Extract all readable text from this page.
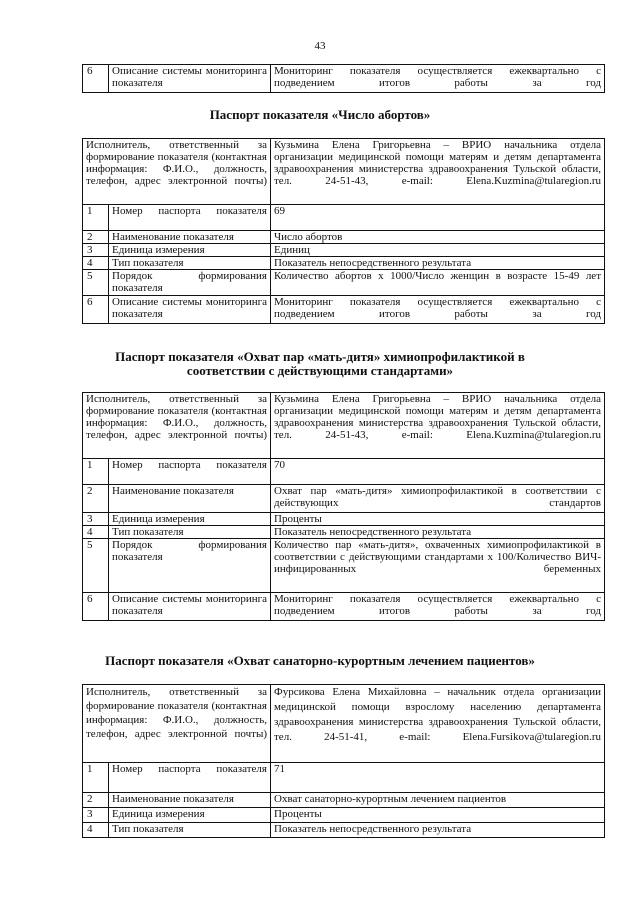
43
6	Описание системы мониторинга показателя	Мониторинг показателя осуществляется ежеквартально с подведением итогов работы за год
Паспорт показателя «Число абортов»
Исполнитель, ответственный за формирование показателя (контактная информация: Ф.И.О., должность, телефон, адрес электронной почты)		Кузьмина Елена Григорьевна – ВРИО начальника отдела организации медицинской помощи матерям и детям департамента здравоохранения министерства здравоохранения Тульской области, тел. 24-51-43, e-mail: Elena.Kuzmina@tularegion.ru
1	Номер паспорта показателя	69
2	Наименование показателя	Число абортов
3	Единица измерения	Единиц
4	Тип показателя	Показатель непосредственного результата
5	Порядок формирования показателя	Количество абортов x 1000/Число женщин в возрасте 15-49 лет
6	Описание системы мониторинга показателя	Мониторинг показателя осуществляется ежеквартально с подведением итогов работы за год
Паспорт показателя «Охват пар «мать-дитя» химиопрофилактикой в соответствии с действующими стандартами»
Исполнитель, ответственный за формирование показателя (контактная информация: Ф.И.О., должность, телефон, адрес электронной почты)		Кузьмина Елена Григорьевна – ВРИО начальника отдела организации медицинской помощи матерям и детям департамента здравоохранения министерства здравоохранения Тульской области, тел. 24-51-43, e-mail: Elena.Kuzmina@tularegion.ru
1	Номер паспорта показателя	70
2	Наименование показателя	Охват пар «мать-дитя» химиопрофилактикой в соответствии с действующих стандартов
3	Единица измерения	Проценты
4	Тип показателя	Показатель непосредственного результата
5	Порядок формирования показателя	Количество пар «мать-дитя», охваченных химиопрофилактикой в соответствии с действующими стандартами x 100/Количество ВИЧ-инфицированных беременных
6	Описание системы мониторинга показателя	Мониторинг показателя осуществляется ежеквартально с подведением итогов работы за год
Паспорт показателя «Охват санаторно-курортным лечением пациентов»
Исполнитель, ответственный за формирование показателя (контактная информация: Ф.И.О., должность, телефон, адрес электронной почты)		Фурсикова Елена Михайловна – начальник отдела организации медицинской помощи взрослому населению департамента здравоохранения министерства здравоохранения Тульской области, тел. 24-51-41, e-mail: Elena.Fursikova@tularegion.ru
1	Номер паспорта показателя	71
2	Наименование показателя	Охват санаторно-курортным лечением пациентов
3	Единица измерения	Проценты
4	Тип показателя	Показатель непосредственного результата
